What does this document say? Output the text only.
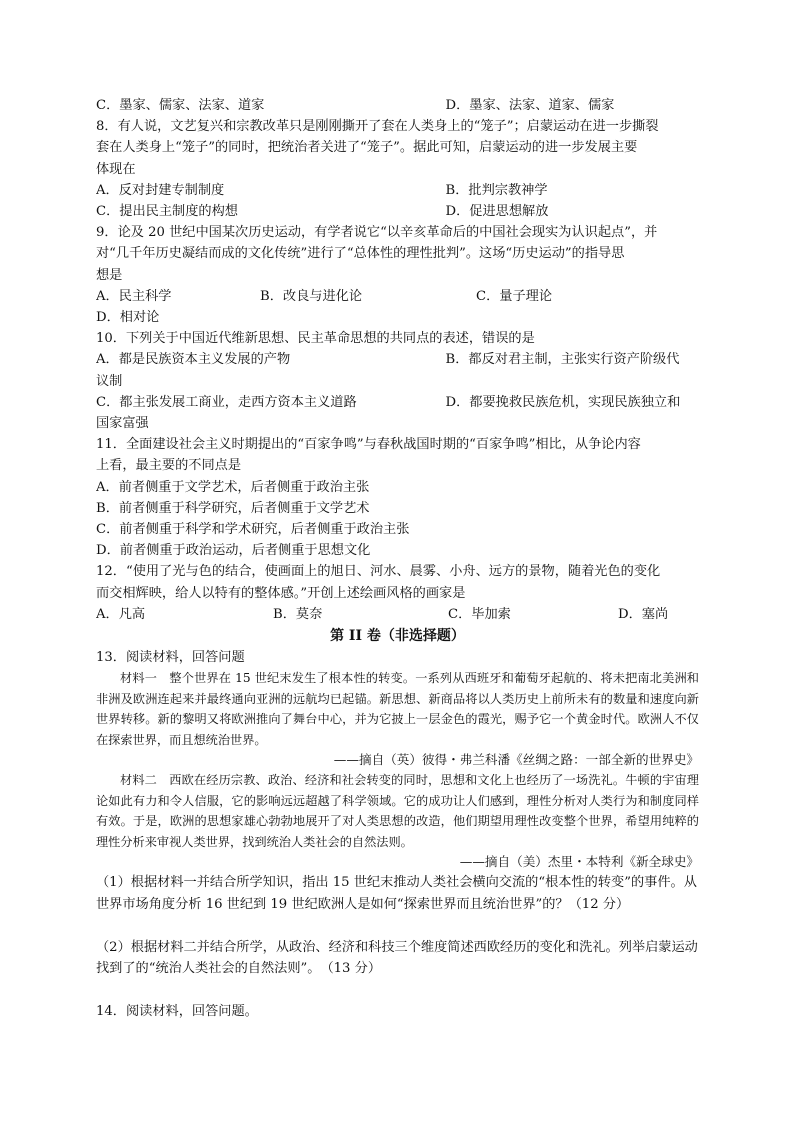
C．墨家、儒家、法家、道家	D．墨家、法家、道家、儒家
8．有人说，文艺复兴和宗教改革只是刚刚撕开了套在人类身上的“笼子”；启蒙运动在进一步撕裂
套在人类身上“笼子”的同时，把统治者关进了“笼子”。据此可知，启蒙运动的进一步发展主要
体现在
A．反对封建专制制度	B．批判宗教神学
C．提出民主制度的构想	D．促进思想解放
9．论及 20 世纪中国某次历史运动，有学者说它“以辛亥革命后的中国社会现实为认识起点”，并
对“几千年历史凝结而成的文化传统”进行了“总体性的理性批判”。这场“历史运动”的指导思
想是
A．民主科学	B．改良与进化论	C．量子理论
D．相对论
10．下列关于中国近代维新思想、民主革命思想的共同点的表述，错误的是
A．都是民族资本主义发展的产物	B．都反对君主制，主张实行资产阶级代
议制
C．都主张发展工商业，走西方资本主义道路	D．都要挽救民族危机，实现民族独立和
国家富强
11．全面建设社会主义时期提出的“百家争鸣”与春秋战国时期的“百家争鸣”相比，从争论内容
上看，最主要的不同点是
A．前者侧重于文学艺术，后者侧重于政治主张
B．前者侧重于科学研究，后者侧重于文学艺术
C．前者侧重于科学和学术研究，后者侧重于政治主张
D．前者侧重于政治运动，后者侧重于思想文化
12．“使用了光与色的结合，使画面上的旭日、河水、晨雾、小舟、远方的景物，随着光色的变化
而交相辉映，给人以特有的整体感。”开创上述绘画风格的画家是
A．凡高	B．莫奈	C．毕加索	D．塞尚
第 II 卷（非选择题）
13．阅读材料，回答问题

材料一　整个世界在 15 世纪末发生了根本性的转变。一系列从西班牙和葡萄牙起航的、将未把南北美洲和非洲及欧洲连起来并最终通向亚洲的远航均已起锚。新思想、新商品将以人类历史上前所未有的数量和速度向新世界转移。新的黎明又将欧洲推向了舞台中心，并为它披上一层金色的霞光，赐予它一个黄金时代。欧洲人不仅在探索世界，而且想统治世界。

——摘自（英）彼得・弗兰科潘《丝绸之路：一部全新的世界史》

材料二　西欧在经历宗教、政治、经济和社会转变的同时，思想和文化上也经历了一场洗礼。牛顿的宇宙理论如此有力和令人信服，它的影响远远超越了科学领域。它的成功让人们感到，理性分析对人类行为和制度同样有效。于是，欧洲的思想家雄心勃勃地展开了对人类思想的改造，他们期望用理性改变整个世界，希望用纯粹的理性分析来审视人类世界，找到统治人类社会的自然法则。

——摘自（美）杰里・本特利《新全球史》
（1）根据材料一并结合所学知识，指出 15 世纪末推动人类社会横向交流的“根本性的转变”的事件。从世界市场角度分析 16 世纪到 19 世纪欧洲人是如何“探索世界而且统治世界”的？（12 分）
（2）根据材料二并结合所学，从政治、经济和科技三个维度简述西欧经历的变化和洗礼。列举启蒙运动找到了的“统治人类社会的自然法则”。　（13 分）
14．阅读材料，回答问题。
